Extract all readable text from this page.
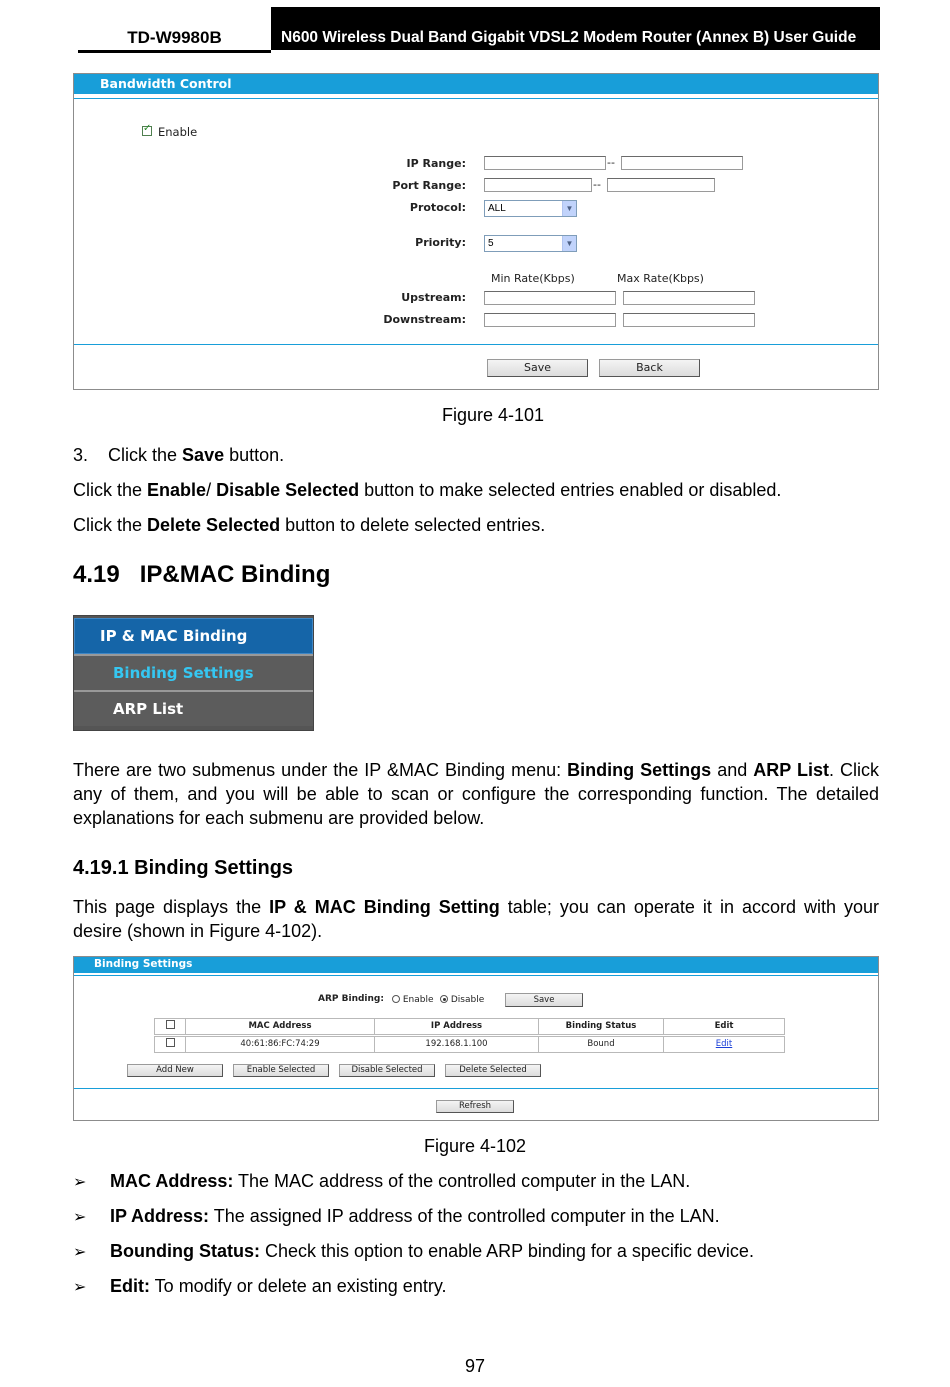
TD-W9980B	N600 Wireless Dual Band Gigabit VDSL2 Modem Router (Annex B) User Guide
Bandwidth Control
✓ Enable
IP Range:	--
Port Range:	--
Protocol:	ALL	▼
Priority:	5	▼
Min Rate(Kbps)	Max Rate(Kbps)
Upstream:
Downstream:
Save	Back
Figure 4-101
3. Click the Save button.
Click the Enable/ Disable Selected button to make selected entries enabled or disabled.
Click the Delete Selected button to delete selected entries.
4.19 IP&MAC Binding
IP & MAC Binding
Binding Settings
ARP List
There are two submenus under the IP &MAC Binding menu: Binding Settings and ARP List. Click any of them, and you will be able to scan or configure the corresponding function. The detailed explanations for each submenu are provided below.
4.19.1 Binding Settings
This page displays the IP & MAC Binding Setting table; you can operate it in accord with your desire (shown in Figure 4-102).
Binding Settings
ARP Binding:	Enable	Disable	Save
MAC Address	IP Address	Binding Status	Edit
40:61:86:FC:74:29	192.168.1.100	Bound	Edit
Add New	Enable Selected	Disable Selected	Delete Selected
Refresh
Figure 4-102
➢ MAC Address: The MAC address of the controlled computer in the LAN.
➢ IP Address: The assigned IP address of the controlled computer in the LAN.
➢ Bounding Status: Check this option to enable ARP binding for a specific device.
➢ Edit: To modify or delete an existing entry.
97
